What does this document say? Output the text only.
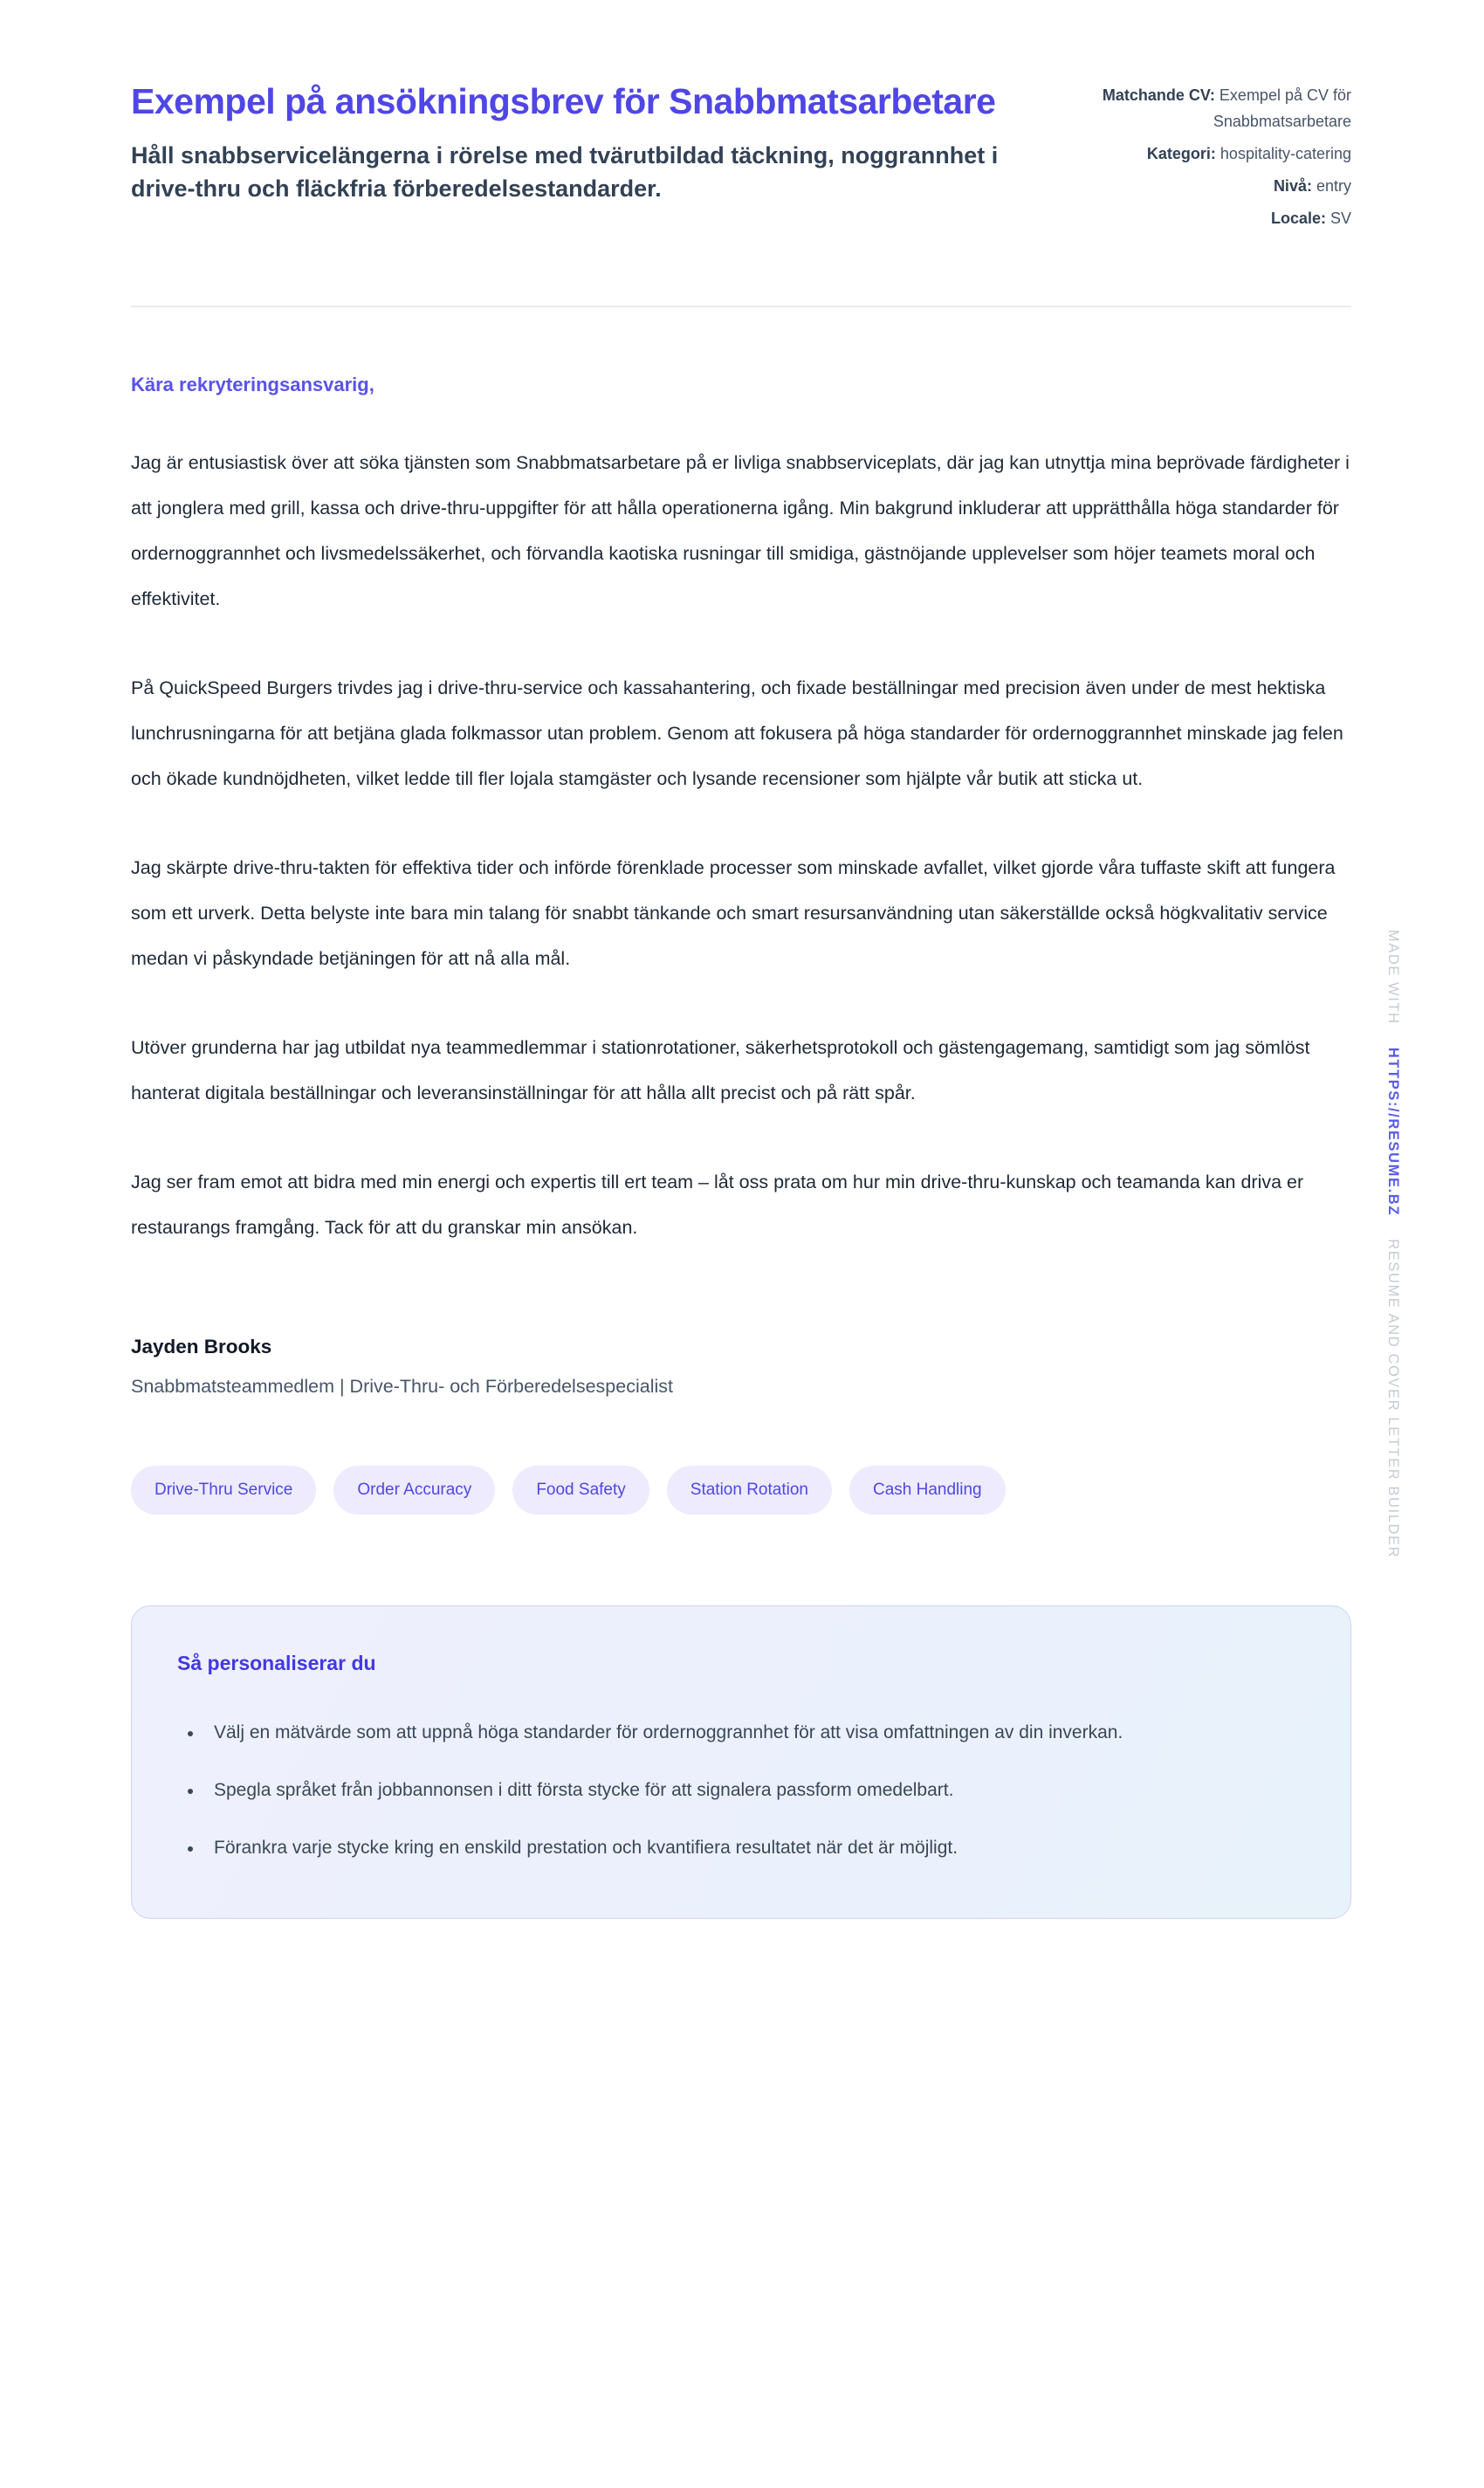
Exempel på ansökningsbrev för Snabbmatsarbetare

Håll snabbservicelängerna i rörelse med tvärutbildad täckning, noggrannhet i drive-thru och fläckfria förberedelsestandarder.

Matchande CV: Exempel på CV för Snabbmatsarbetare
Kategori: hospitality-catering
Nivå: entry
Locale: SV

Kära rekryteringsansvarig,

Jag är entusiastisk över att söka tjänsten som Snabbmatsarbetare på er livliga snabbserviceplats, där jag kan utnyttja mina beprövade färdigheter i att jonglera med grill, kassa och drive-thru-uppgifter för att hålla operationerna igång. Min bakgrund inkluderar att upprätthålla höga standarder för ordernoggrannhet och livsmedelssäkerhet, och förvandla kaotiska rusningar till smidiga, gästnöjande upplevelser som höjer teamets moral och effektivitet.

På QuickSpeed Burgers trivdes jag i drive-thru-service och kassahantering, och fixade beställningar med precision även under de mest hektiska lunchrusningarna för att betjäna glada folkmassor utan problem. Genom att fokusera på höga standarder för ordernoggrannhet minskade jag felen och ökade kundnöjdheten, vilket ledde till fler lojala stamgäster och lysande recensioner som hjälpte vår butik att sticka ut.

Jag skärpte drive-thru-takten för effektiva tider och införde förenklade processer som minskade avfallet, vilket gjorde våra tuffaste skift att fungera som ett urverk. Detta belyste inte bara min talang för snabbt tänkande och smart resursanvändning utan säkerställde också högkvalitativ service medan vi påskyndade betjäningen för att nå alla mål.

Utöver grunderna har jag utbildat nya teammedlemmar i stationrotationer, säkerhetsprotokoll och gästengagemang, samtidigt som jag sömlöst hanterat digitala beställningar och leveransinställningar för att hålla allt precist och på rätt spår.

Jag ser fram emot att bidra med min energi och expertis till ert team – låt oss prata om hur min drive-thru-kunskap och teamanda kan driva er restaurangs framgång. Tack för att du granskar min ansökan.

Jayden Brooks

Snabbmatsteammedlem | Drive-Thru- och Förberedelsespecialist

Drive-Thru Service	Order Accuracy	Food Safety	Station Rotation	Cash Handling
Så personaliserar du
• Välj en mätvärde som att uppnå höga standarder för ordernoggrannhet för att visa omfattningen av din inverkan.
• Spegla språket från jobbannonsen i ditt första stycke för att signalera passform omedelbart.
• Förankra varje stycke kring en enskild prestation och kvantifiera resultatet när det är möjligt.
MADE WITH HTTPS://RESUME.BZ RESUME AND COVER LETTER BUILDER
